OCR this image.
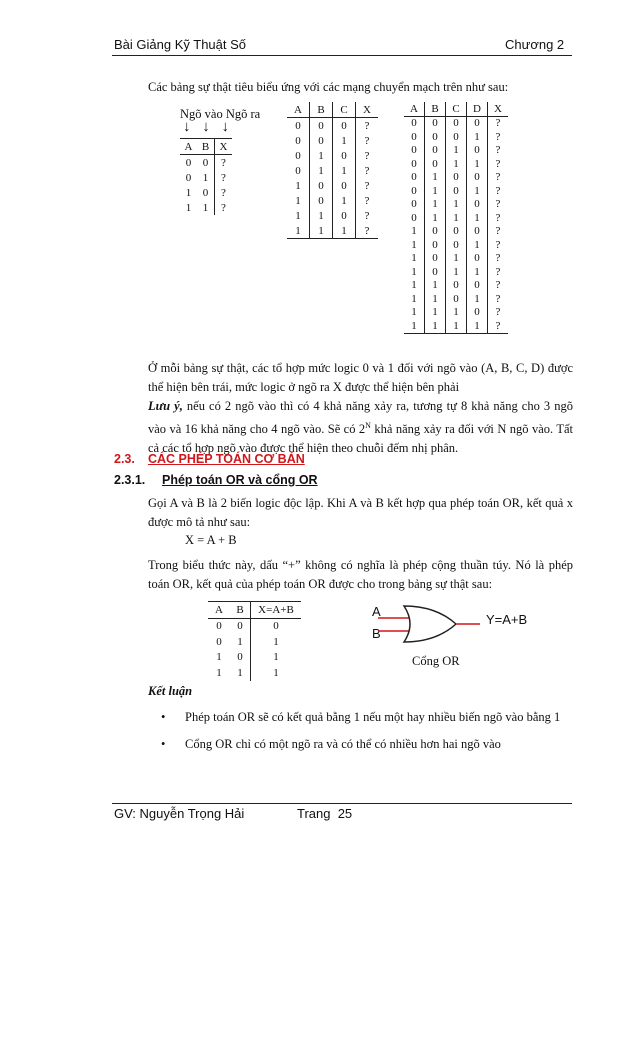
Bài Giảng Kỹ Thuật Số	Chương 2
Các bảng sự thật tiêu biểu ứng với các mạng chuyển mạch trên như sau:
Ngõ vào Ngõ ra
↓ ↓ ↓
A	B	X
0	0	?
0	1	?
1	0	?
1	1	?
A	B	C	X
0	0	0	?
0	0	1	?
0	1	0	?
0	1	1	?
1	0	0	?
1	0	1	?
1	1	0	?
1	1	1	?
A	B	C	D	X
0	0	0	0	?
0	0	0	1	?
0	0	1	0	?
0	0	1	1	?
0	1	0	0	?
0	1	0	1	?
0	1	1	0	?
0	1	1	1	?
1	0	0	0	?
1	0	0	1	?
1	0	1	0	?
1	0	1	1	?
1	1	0	0	?
1	1	0	1	?
1	1	1	0	?
1	1	1	1	?
Ở mỗi bảng sự thật, các tổ hợp mức logic 0 và 1 đối với ngõ vào (A, B, C, D) được thể hiện bên trái, mức logic ở ngõ ra X được thể hiện bên phải
Lưu ý, nếu có 2 ngõ vào thì có 4 khả năng xảy ra, tương tự 8 khả năng cho 3 ngõ vào và 16 khả năng cho 4 ngõ vào. Sẽ có $2^N$ khả năng xảy ra đối với N ngõ vào. Tất cả các tổ hợp ngõ vào được thể hiện theo chuỗi đếm nhị phân.
2.3. CÁC PHÉP TOÁN CƠ BẢN
2.3.1. Phép toán OR và cổng OR
Gọi A và B là 2 biến logic độc lập. Khi A và B kết hợp qua phép toán OR, kết quả x được mô tả như sau:
X = A + B
Trong biểu thức này, dấu “+” không có nghĩa là phép cộng thuần túy. Nó là phép toán OR, kết quả của phép toán OR được cho trong bảng sự thật sau:
A	B	X=A+B
0	0	0
0	1	1
1	0	1
1	1	1
A
B
Y=A+B
Cổng OR
Kết luận
• Phép toán OR sẽ có kết quả bằng 1 nếu một hay nhiều biến ngõ vào bằng 1
• Cổng OR chỉ có một ngõ ra và có thể có nhiều hơn hai ngõ vào
GV: Nguyễn Trọng Hải	Trang  25
